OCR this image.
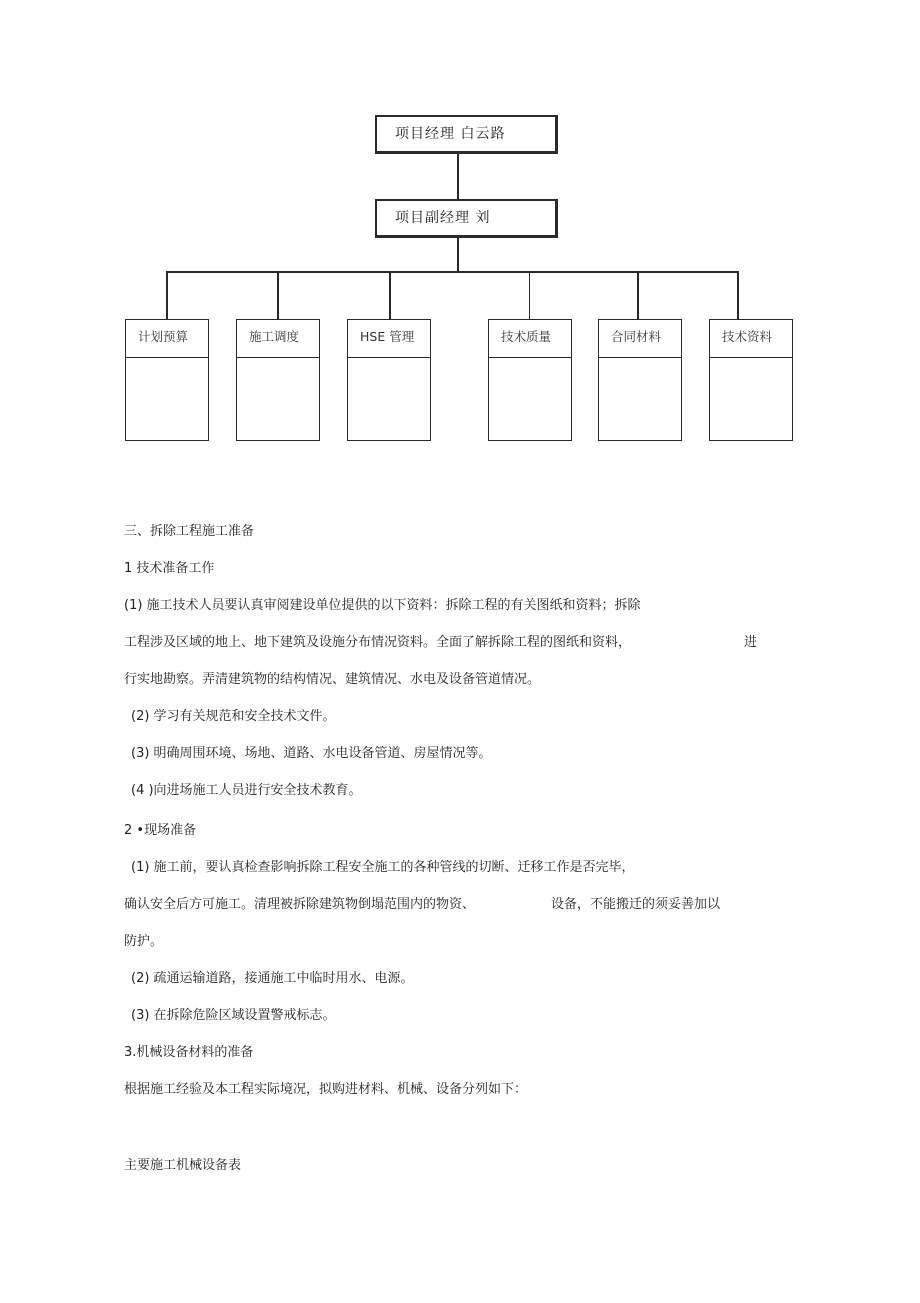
项目经理 白云路
项目副经理 刘
计划预算	施工调度	HSE 管理	技术质量	合同材料	技术资料
三、拆除工程施工准备
1 技术准备工作
(1) 施工技术人员要认真审阅建设单位提供的以下资料：拆除工程的有关图纸和资料；拆除
工程涉及区域的地上、地下建筑及设施分布情况资料。全面了解拆除工程的图纸和资料，	进
行实地勘察。弄清建筑物的结构情况、建筑情况、水电及设备管道情况。
(2) 学习有关规范和安全技术文件。
(3) 明确周围环境、场地、道路、水电设备管道、房屋情况等。
(4 )向进场施工人员进行安全技术教育。
2 •现场准备
(1) 施工前，要认真检查影响拆除工程安全施工的各种管线的切断、迁移工作是否完毕，
确认安全后方可施工。清理被拆除建筑物倒塌范围内的物资、	设备，不能搬迁的须妥善加以
防护。
(2) 疏通运输道路，接通施工中临时用水、电源。
(3) 在拆除危险区域设置警戒标志。
3.机械设备材料的准备
根据施工经验及本工程实际境况，拟购进材料、机械、设备分列如下：
主要施工机械设备表
